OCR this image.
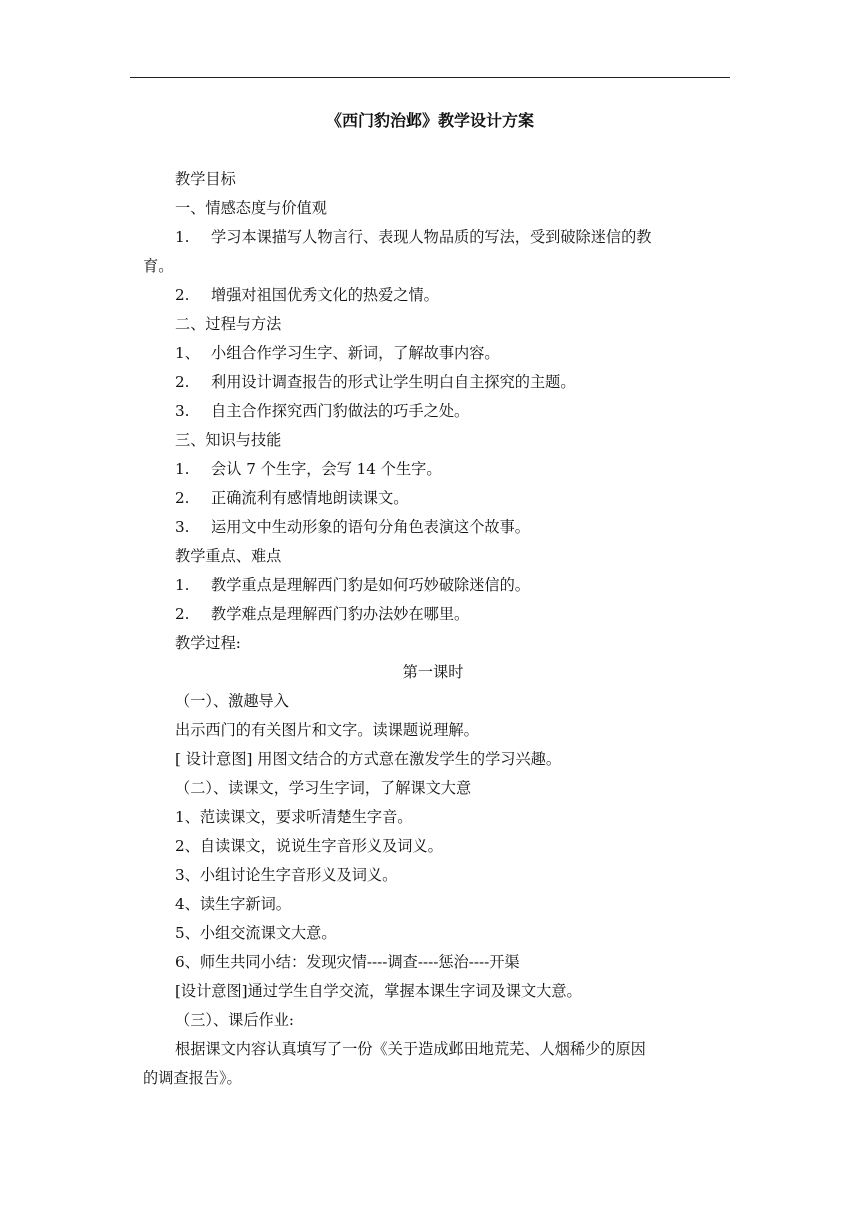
《西门豹治邺》教学设计方案
教学目标
一、情感态度与价值观
1. 学习本课描写人物言行、表现人物品质的写法，受到破除迷信的教
育。
2. 增强对祖国优秀文化的热爱之情。
二、过程与方法
1、 小组合作学习生字、新词，了解故事内容。
2. 利用设计调查报告的形式让学生明白自主探究的主题。
3. 自主合作探究西门豹做法的巧手之处。
三、知识与技能
1. 会认 7 个生字，会写 14 个生字。
2. 正确流利有感情地朗读课文。
3. 运用文中生动形象的语句分角色表演这个故事。
教学重点、难点
1. 教学重点是理解西门豹是如何巧妙破除迷信的。
2. 教学难点是理解西门豹办法妙在哪里。
教学过程:
第一课时
（一）、激趣导入
出示西门的有关图片和文字。读课题说理解。
[ 设计意图] 用图文结合的方式意在激发学生的学习兴趣。
（二）、读课文，学习生字词，了解课文大意
1、范读课文，要求听清楚生字音。
2、自读课文，说说生字音形义及词义。
3、小组讨论生字音形义及词义。
4、读生字新词。
5、小组交流课文大意。
6、师生共同小结：发现灾情----调查----惩治----开渠
[设计意图]通过学生自学交流，掌握本课生字词及课文大意。
（三）、课后作业:
根据课文内容认真填写了一份《关于造成邺田地荒芜、人烟稀少的原因
的调查报告》。
